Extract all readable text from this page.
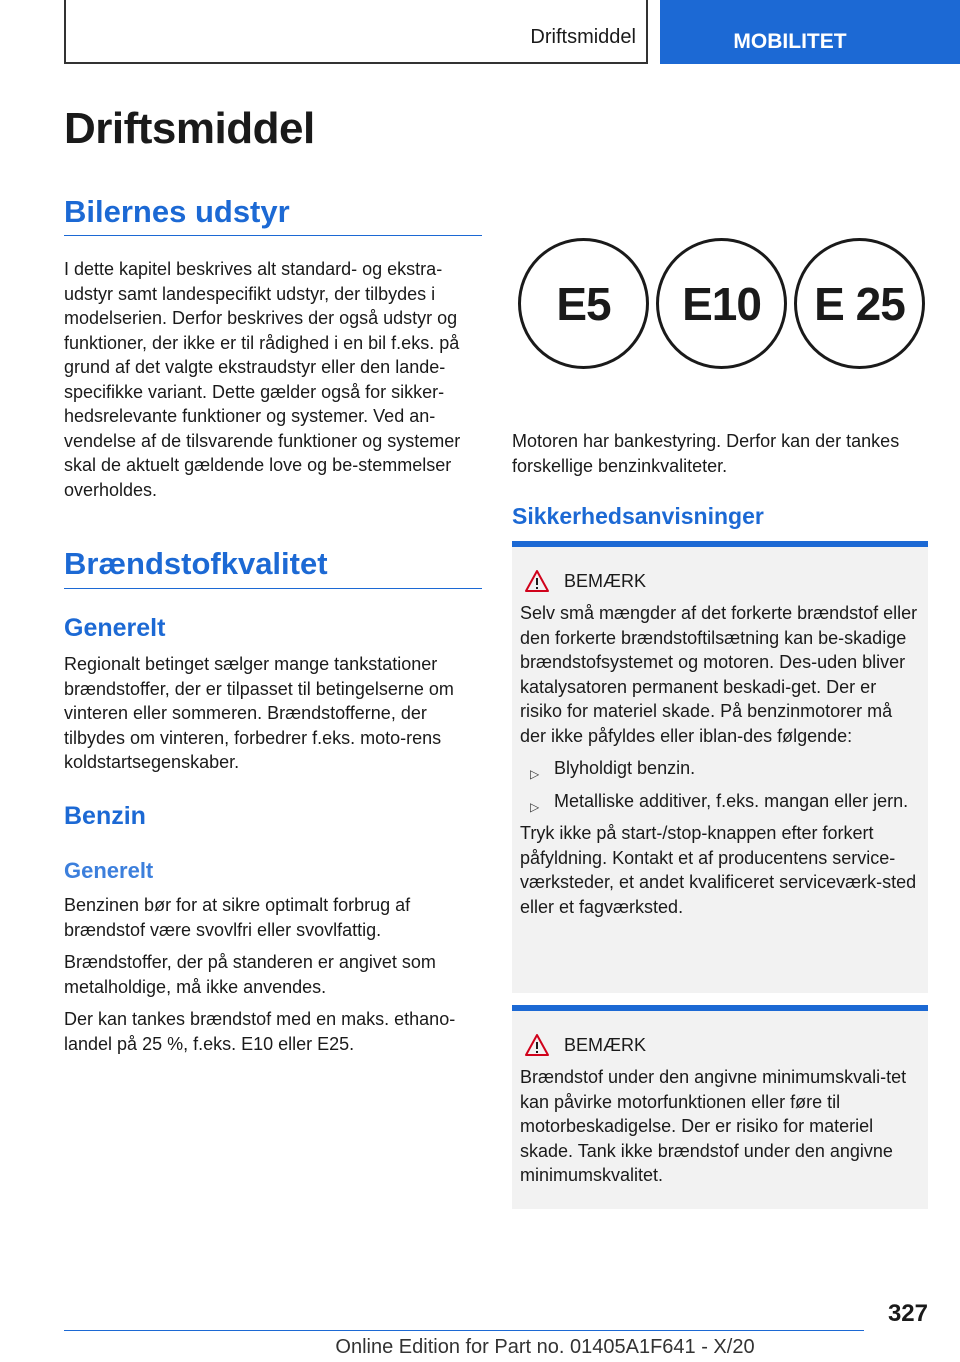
Driftsmiddel	MOBILITET
Driftsmiddel
Bilernes udstyr
I dette kapitel beskrives alt standard- og ekstra-udstyr samt landespecifikt udstyr, der tilbydes i modelserien. Derfor beskrives der også udstyr og funktioner, der ikke er til rådighed i en bil f.eks. på grund af det valgte ekstraudstyr eller den lande-specifikke variant. Dette gælder også for sikker-hedsrelevante funktioner og systemer. Ved an-vendelse af de tilsvarende funktioner og systemer skal de aktuelt gældende love og be-stemmelser overholdes.
Brændstofkvalitet
Generelt
Regionalt betinget sælger mange tankstationer brændstoffer, der er tilpasset til betingelserne om vinteren eller sommeren. Brændstofferne, der tilbydes om vinteren, forbedrer f.eks. moto-rens koldstartsegenskaber.
Benzin
Generelt
Benzinen bør for at sikre optimalt forbrug af brændstof være svovlfri eller svovlfattig.
Brændstoffer, der på standeren er angivet som metalholdige, må ikke anvendes.
Der kan tankes brændstof med en maks. ethano-landel på 25 %, f.eks. E10 eller E25.
E5	E10	E 25
Motoren har bankestyring. Derfor kan der tankes forskellige benzinkvaliteter.
Sikkerhedsanvisninger
BEMÆRK
Selv små mængder af det forkerte brændstof eller den forkerte brændstoftilsætning kan be-skadige brændstofsystemet og motoren. Des-uden bliver katalysatoren permanent beskadi-get. Der er risiko for materiel skade. På benzinmotorer må der ikke påfyldes eller iblan-des følgende:
▷ Blyholdigt benzin.
▷ Metalliske additiver, f.eks. mangan eller jern.
Tryk ikke på start-/stop-knappen efter forkert påfyldning. Kontakt et af producentens service-værksteder, et andet kvalificeret serviceværk-sted eller et fagværksted.
BEMÆRK
Brændstof under den angivne minimumskvali-tet kan påvirke motorfunktionen eller føre til motorbeskadigelse. Der er risiko for materiel skade. Tank ikke brændstof under den angivne minimumskvalitet.
327
Online Edition for Part no. 01405A1F641 - X/20
